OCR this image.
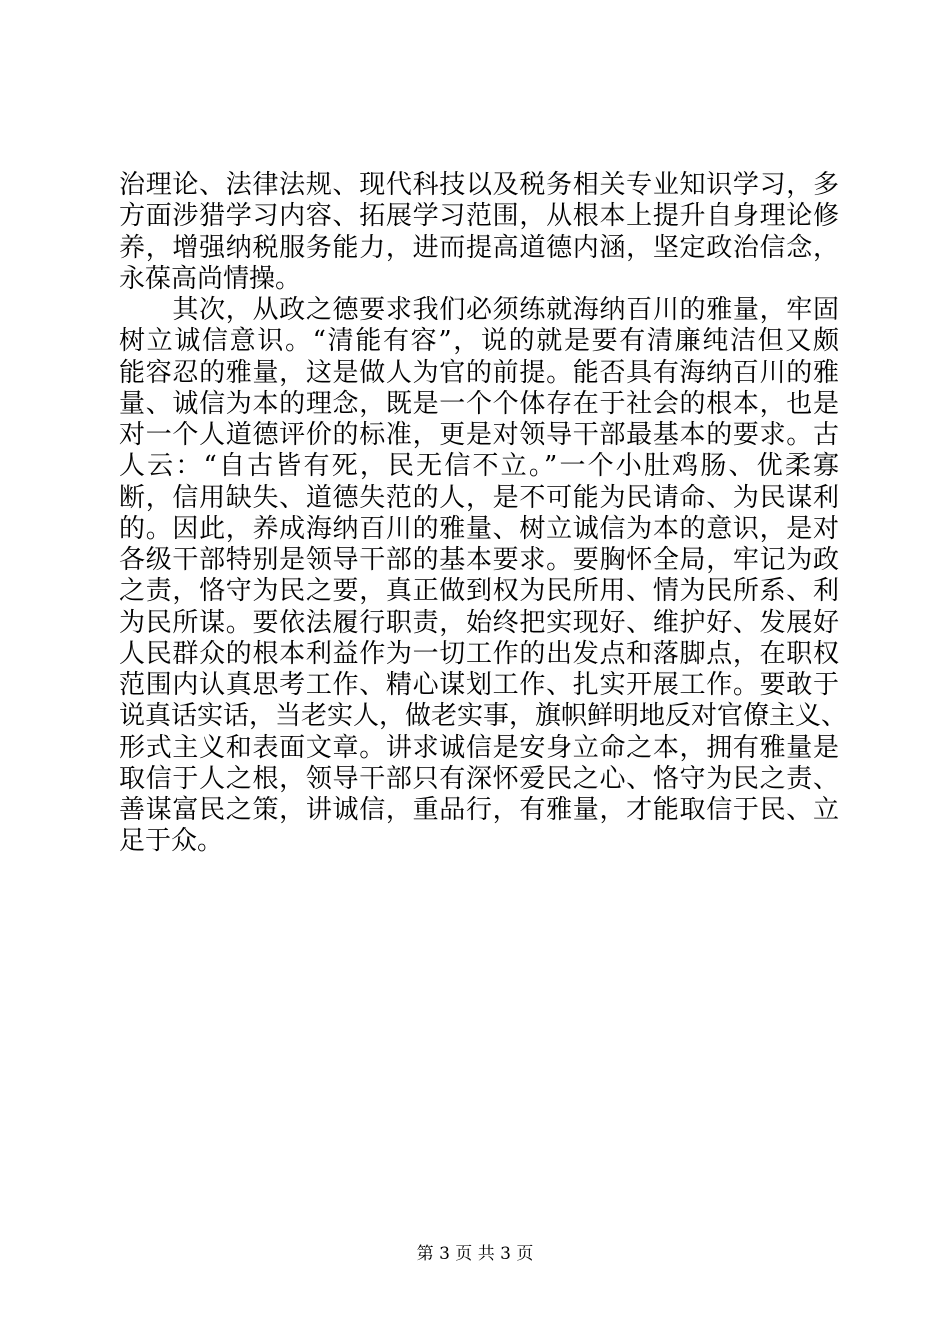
治理论、法律法规、现代科技以及税务相关专业知识学习，多
方面涉猎学习内容、拓展学习范围，从根本上提升自身理论修
养，增强纳税服务能力，进而提高道德内涵，坚定政治信念，
永葆高尚情操。
　　其次，从政之德要求我们必须练就海纳百川的雅量，牢固
树立诚信意识。“清能有容”，说的就是要有清廉纯洁但又颇
能容忍的雅量，这是做人为官的前提。能否具有海纳百川的雅
量、诚信为本的理念，既是一个个体存在于社会的根本，也是
对一个人道德评价的标准，更是对领导干部最基本的要求。古
人云：“自古皆有死，民无信不立。”一个小肚鸡肠、优柔寡
断，信用缺失、道德失范的人，是不可能为民请命、为民谋利
的。因此，养成海纳百川的雅量、树立诚信为本的意识，是对
各级干部特别是领导干部的基本要求。要胸怀全局，牢记为政
之责，恪守为民之要，真正做到权为民所用、情为民所系、利
为民所谋。要依法履行职责，始终把实现好、维护好、发展好
人民群众的根本利益作为一切工作的出发点和落脚点，在职权
范围内认真思考工作、精心谋划工作、扎实开展工作。要敢于
说真话实话，当老实人，做老实事，旗帜鲜明地反对官僚主义、
形式主义和表面文章。讲求诚信是安身立命之本，拥有雅量是
取信于人之根，领导干部只有深怀爱民之心、恪守为民之责、
善谋富民之策，讲诚信，重品行，有雅量，才能取信于民、立
足于众。
第 3 页 共 3 页
